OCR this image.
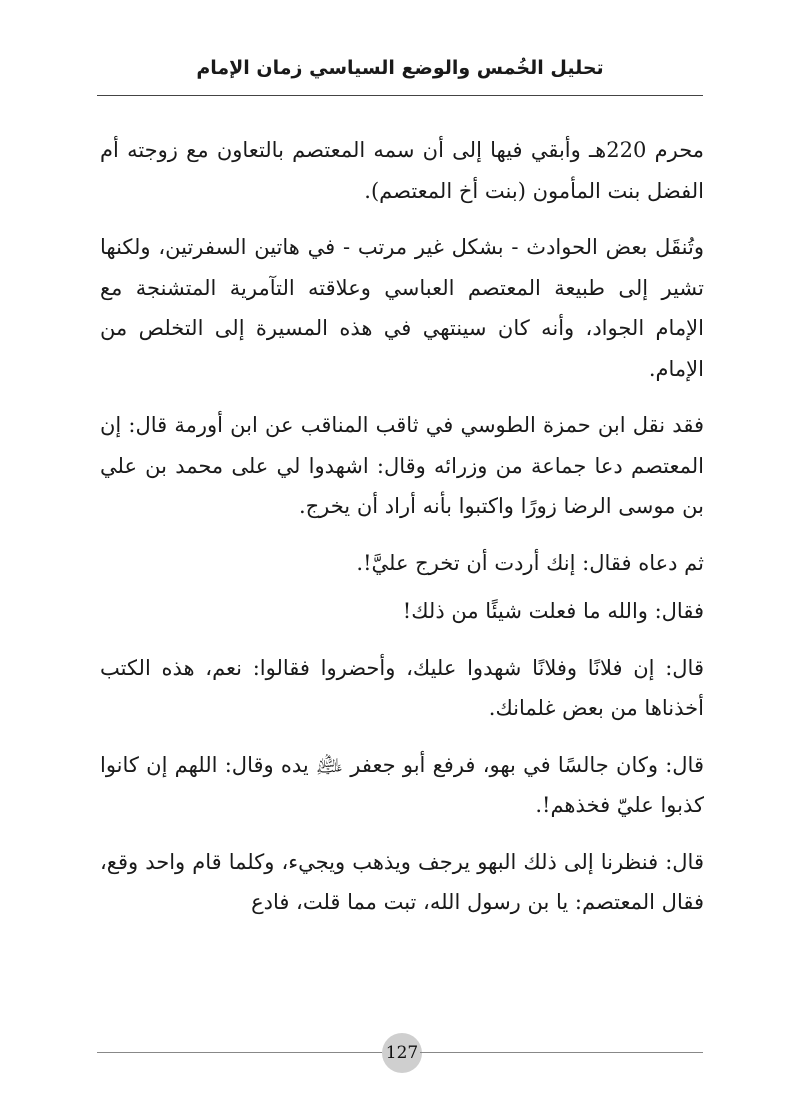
تحليل الخُمس والوضع السياسي زمان الإمام

محرم 220هـ وأبقي فيها إلى أن سمه المعتصم بالتعاون مع زوجته أم الفضل بنت المأمون (بنت أخ المعتصم).

وتُنقَل بعض الحوادث - بشكل غير مرتب - في هاتين السفرتين، ولكنها تشير إلى طبيعة المعتصم العباسي وعلاقته التآمرية المتشنجة مع الإمام الجواد، وأنه كان سينتهي في هذه المسيرة إلى التخلص من الإمام.

فقد نقل ابن حمزة الطوسي في ثاقب المناقب عن ابن أورمة قال: إن المعتصم دعا جماعة من وزرائه وقال: اشهدوا لي على محمد بن علي بن موسى الرضا زورًا واكتبوا بأنه أراد أن يخرج.

ثم دعاه فقال: إنك أردت أن تخرج عليَّ!.

فقال: والله ما فعلت شيئًا من ذلك!

قال: إن فلانًا وفلانًا شهدوا عليك، وأحضروا فقالوا: نعم، هذه الكتب أخذناها من بعض غلمانك.

قال: وكان جالسًا في بهو، فرفع أبو جعفر ﵇ يده وقال: اللهم إن كانوا كذبوا عليّ فخذهم!.

قال: فنظرنا إلى ذلك البهو يرجف ويذهب ويجيء، وكلما قام واحد وقع، فقال المعتصم: يا بن رسول الله، تبت مما قلت، فادع

127
